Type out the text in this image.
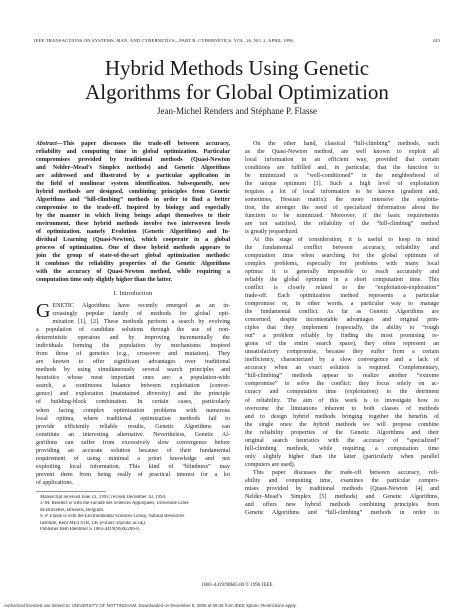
IEEE TRANSACTIONS ON SYSTEMS, MAN, AND CYBERNETICS—PART B: CYBERNETICS, VOL. 26, NO. 2, APRIL 1996	243
Hybrid Methods Using Genetic
Algorithms for Global Optimization
Jean-Michel Renders and Stéphane P. Flasse
Abstract—This paper discusses the trade-off between accuracy,
reliability and computing time in global optimization. Particular
compromises provided by traditional methods (Quasi-Newton
and Nelder–Mead’s Simplex methods) and Genetic Algorithms
are addressed and illustrated by a particular application in
the field of nonlinear system identification. Subsequently, new
hybrid methods are designed, combining principles from Genetic
Algorithms and “hill-climbing” methods in order to find a better
compromise to the trade-off. Inspired by biology and especially
by the manner in which living beings adapt themselves to their
environment, these hybrid methods involve two interwoven levels
of optimization, namely Evolution (Genetic Algorithms) and In-
dividual Learning (Quasi-Newton), which cooperate in a global
process of optimization. One of these hybrid methods appears to
join the group of state-of-the-art global optimization methods:
it combines the reliability properties of the Genetic Algorithms
with the accuracy of Quasi-Newton method, while requiring a
computation time only slightly higher than the latter.
I. Introduction
G ENETIC Algorithms have recently emerged as an in-
creasingly popular family of methods for global opti-
mization [1], [2]. These methods perform a search by evolving
a population of candidate solutions through the use of non-
deterministic operators and by improving incrementally the
individuals forming the population by mechanisms inspired
from those of genetics (e.g., crossover and mutation). They
are known to offer significant advantages over traditional
methods by using simultaneously several search principles and
heuristics whose most important ones are: a population-wide
search, a continuous balance between exploitation (conver-
gence) and exploration (maintained diversity) and the principle
of building-block combination. In certain cases, particularly
when facing complex optimization problems with numerous
local optima, where traditional optimization methods fail to
provide efficiently reliable results, Genetic Algorithms can
constitute an interesting alternative. Nevertheless, Genetic Al-
gorithms can suffer from excessively slow convergence before
providing an accurate solution because of their fundamental
requirement of using minimal a priori knowledge and not
exploiting local information. This kind of “blindness” may
prevent them from being really of practical interest for a lot
of applications.
Manuscript received June 23, 1993; revised December 10, 1994.
J.-M. Renders is with the Faculté des Sciences Appliquées, Université Libre
de Bruxelles, Brussels, Belgium.
S. P. Flasse is with the Environmental Sciences Group, Natural Resources
Institute, Kent ME4 4TB, UK (e-mail: sf@ukc.ac.uk).
Publisher Item Identifier S 1083-4419(96)02206-0.
On the other hand, classical “hill-climbing” methods, such
as the Quasi-Newton method, are well known to exploit all
local information in an efficient way, provided that certain
conditions are fulfilled and, in particular, that the function to
be minimized is “well-conditioned” in the neighborhood of
the unique optimum [3]. Such a high level of exploitation
requires a lot of local information to be known (gradient and,
sometimes, Hessian matrix): the more intensive the exploita-
tion, the stronger the need of specialized information about the
function to be minimized. Moreover, if the basic requirements
are not satisfied, the reliability of the “hill-climbing” method
is greatly jeopardized.
At this stage of consideration, it is useful to keep in mind
the fundamental conflict between accuracy, reliability and
computation time when searching for the global optimum of
complex problems, especially for problems with many local
optima: it is generally impossible to reach accurately and
reliably the global optimum in a short computation time. This
conflict is closely related to the “exploitation-exploration”
trade-off. Each optimization method represents a particular
compromise or, in other words, a particular way to manage
the fundamental conflict. As far as Genetic Algorithms are
concerned, despite incontestable advantages and original prin-
ciples that they implement (especially, the ability to “rough
out” a problem reliably by finding the most promising re-
gions of the entire search space), they often represent an
unsatisfactory compromise, because they suffer from a certain
inefficiency, characterized by a slow convergence and a lack of
accuracy when an exact solution is required. Complementary,
“hill-climbing” methods appear to realize another “extreme
compromise” to solve the conflict: they focus solely on ac-
curacy and computation time (exploitation) to the detriment
of reliability. The aim of this work is to investigate how to
overcome the limitations inherent to both classes of methods
and to design hybrid methods bringing together the benefits of
the single ones: the hybrid methods we will propose combine
the reliability properties of the Genetic Algorithms and their
original search heuristics with the accuracy of “specialized”
hill-climbing methods, while requiring a computation time
only slightly higher than the latter (particularly when parallel
computers are used).
This paper discusses the trade-off between accuracy, reli-
ability and computing time, examines the particular compro-
mises provided by traditional methods (Quasi-Newton [4] and
Nelder–Mead’s Simplex [5] methods) and Genetic Algorithms,
and offers new hybrid methods combining principles from
Genetic Algorithms and “hill-climbing” methods in order to
1083–4419/96$05.00 © 1996 IEEE
Authorized licensed use limited to: UNIVERSITY OF NOTTINGHAM. Downloaded on December 8, 2009 at 09:48 from IEEE Xplore. Restrictions apply.
